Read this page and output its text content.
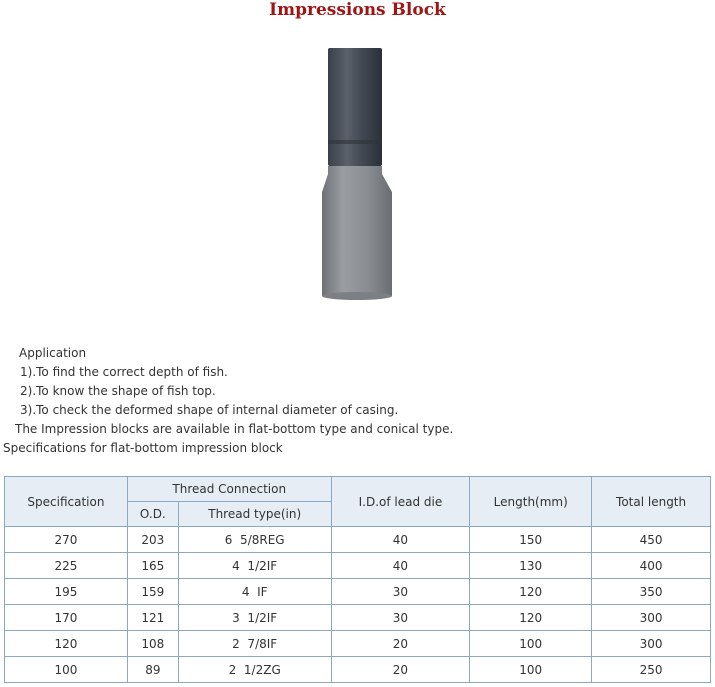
Impressions Block
Application
1).To find the correct depth of fish.
2).To know the shape of fish top.
3).To check the deformed shape of internal diameter of casing.
The Impression blocks are available in flat-bottom type and conical type.
Specifications for flat-bottom impression block
Specification	Thread Connection		I.D.of lead die	Length(mm)	Total length
	O.D.	Thread type(in)			
270	203	6  5/8REG	40	150	450
225	165	4  1/2IF	40	130	400
195	159	4  IF	30	120	350
170	121	3  1/2IF	30	120	300
120	108	2  7/8IF	20	100	300
100	89	2  1/2ZG	20	100	250
